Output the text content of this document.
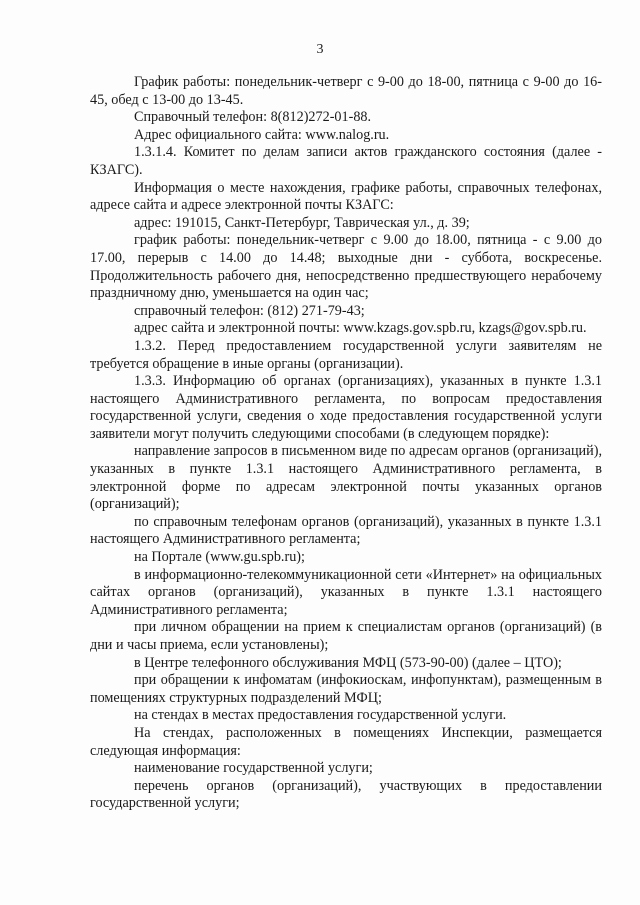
3

График работы: понедельник-четверг с 9-00 до 18-00, пятница с 9-00 до 16-45, обед с 13-00 до 13-45.

Справочный телефон: 8(812)272-01-88.

Адрес официального сайта: www.nalog.ru.

1.3.1.4. Комитет по делам записи актов гражданского состояния (далее - КЗАГС).

Информация о месте нахождения, графике работы, справочных телефонах, адресе сайта и адресе электронной почты КЗАГС:

адрес: 191015, Санкт-Петербург, Таврическая ул., д. 39;

график работы: понедельник-четверг с 9.00 до 18.00, пятница - с 9.00 до 17.00, перерыв с 14.00 до 14.48; выходные дни - суббота, воскресенье. Продолжительность рабочего дня, непосредственно предшествующего нерабочему праздничному дню, уменьшается на один час;

справочный телефон: (812) 271-79-43;

адрес сайта и электронной почты: www.kzags.gov.spb.ru, kzags@gov.spb.ru.

1.3.2. Перед предоставлением государственной услуги заявителям не требуется обращение в иные органы (организации).

1.3.3. Информацию об органах (организациях), указанных в пункте 1.3.1 настоящего Административного регламента, по вопросам предоставления государственной услуги, сведения о ходе предоставления государственной услуги заявители могут получить следующими способами (в следующем порядке):

направление запросов в письменном виде по адресам органов (организаций), указанных в пункте 1.3.1 настоящего Административного регламента, в электронной форме по адресам электронной почты указанных органов (организаций);

по справочным телефонам органов (организаций), указанных в пункте 1.3.1 настоящего Административного регламента;

на Портале (www.gu.spb.ru);

в информационно-телекоммуникационной сети «Интернет» на официальных сайтах органов (организаций), указанных в пункте 1.3.1 настоящего Административного регламента;

при личном обращении на прием к специалистам органов (организаций) (в дни и часы приема, если установлены);

в Центре телефонного обслуживания МФЦ (573-90-00) (далее – ЦТО);

при обращении к инфоматам (инфокиоскам, инфопунктам), размещенным в помещениях структурных подразделений МФЦ;

на стендах в местах предоставления государственной услуги.

На стендах, расположенных в помещениях Инспекции, размещается следующая информация:

наименование государственной услуги;

перечень органов (организаций), участвующих в предоставлении государственной услуги;
